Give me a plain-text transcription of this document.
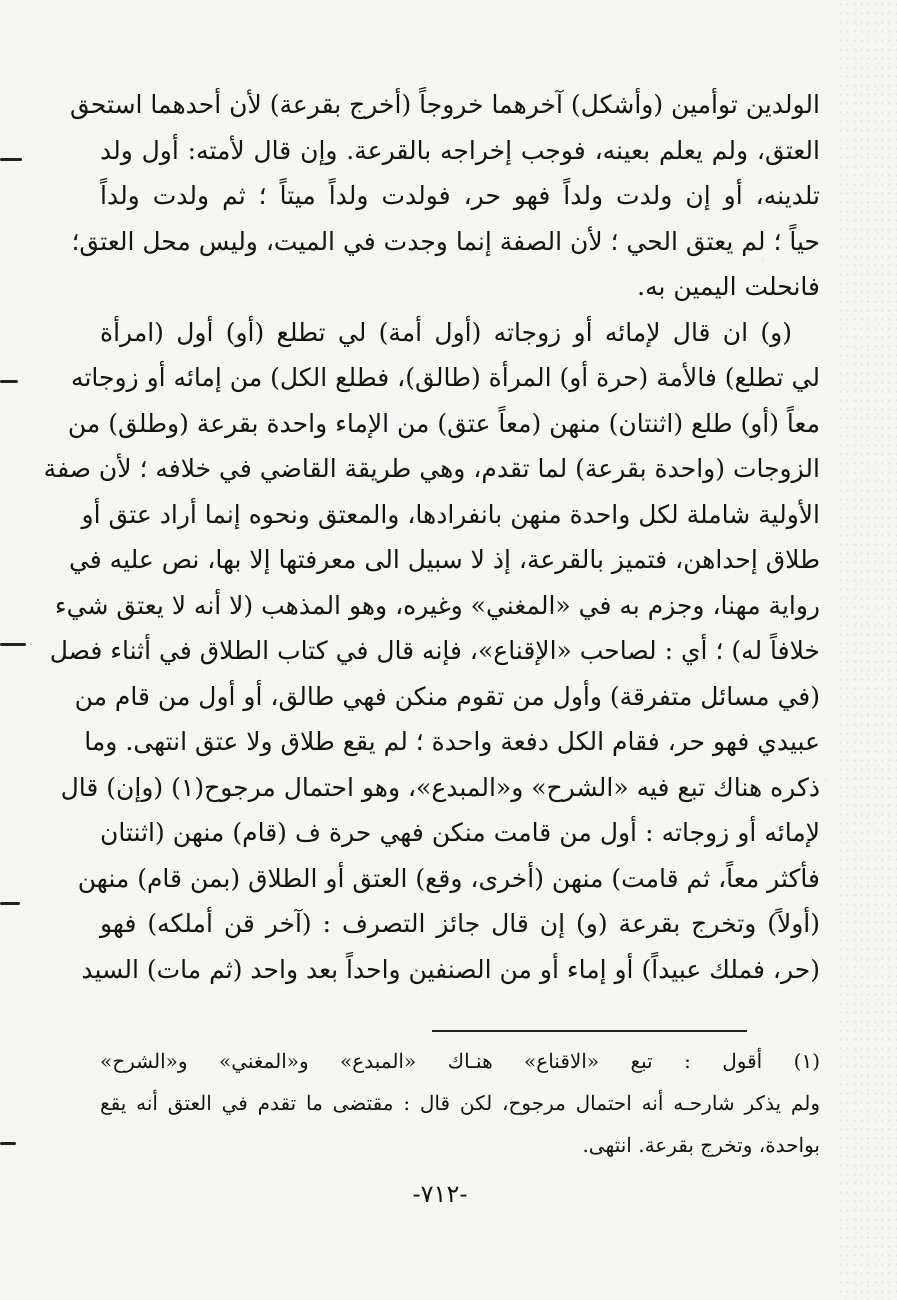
الولدين توأمين (وأشكل) آخرهما خروجاً (أخرج بقرعة) لأن أحدهما استحق
العتق، ولم يعلم بعينه، فوجب إخراجه بالقرعة. وإن قال لأمته: أول ولد
تلدينه، أو إن ولدت ولداً فهو حر، فولدت ولداً ميتاً ؛ ثم ولدت ولداً
حياً ؛ لم يعتق الحي ؛ لأن الصفة إنما وجدت في الميت، وليس محل العتق؛
فانحلت اليمين به.
(و) ان قال لإمائه أو زوجاته (أول أمة) لي تطلع (أو) أول (امرأة
لي تطلع) فالأمة (حرة أو) المرأة (طالق)، فطلع الكل) من إمائه أو زوجاته
معاً (أو) طلع (اثنتان) منهن (معاً عتق) من الإماء واحدة بقرعة (وطلق) من
الزوجات (واحدة بقرعة) لما تقدم، وهي طريقة القاضي في خلافه ؛ لأن صفة
الأولية شاملة لكل واحدة منهن بانفرادها، والمعتق ونحوه إنما أراد عتق أو
طلاق إحداهن، فتميز بالقرعة، إذ لا سبيل الى معرفتها إلا بها، نص عليه في
رواية مهنا، وجزم به في «المغني» وغيره، وهو المذهب (لا أنه لا يعتق شيء
خلافاً له) ؛ أي : لصاحب «الإقناع»، فإنه قال في كتاب الطلاق في أثناء فصل
(في مسائل متفرقة) وأول من تقوم منكن فهي طالق، أو أول من قام من
عبيدي فهو حر، فقام الكل دفعة واحدة ؛ لم يقع طلاق ولا عتق انتهى. وما
ذكره هناك تبع فيه «الشرح» و«المبدع»، وهو احتمال مرجوح(١) (وإن) قال
لإمائه أو زوجاته : أول من قامت منكن فهي حرة ف (قام) منهن (اثنتان
فأكثر معاً، ثم قامت) منهن (أخرى، وقع) العتق أو الطلاق (بمن قام) منهن
(أولاً) وتخرج بقرعة (و) إن قال جائز التصرف : (آخر قن أملكه) فهو
(حر، فملك عبيداً) أو إماء أو من الصنفين واحداً بعد واحد (ثم مات) السيد
(١) أقول : تبع «الاقناع» هنـاك «المبدع» و«المغني» و«الشرح»
ولم يذكر شارحـه أنه احتمال مرجوح، لكن قال : مقتضى ما تقدم في العتق أنه يقع
بواحدة، وتخرج بقرعة. انتهى.
-٧١٢-
